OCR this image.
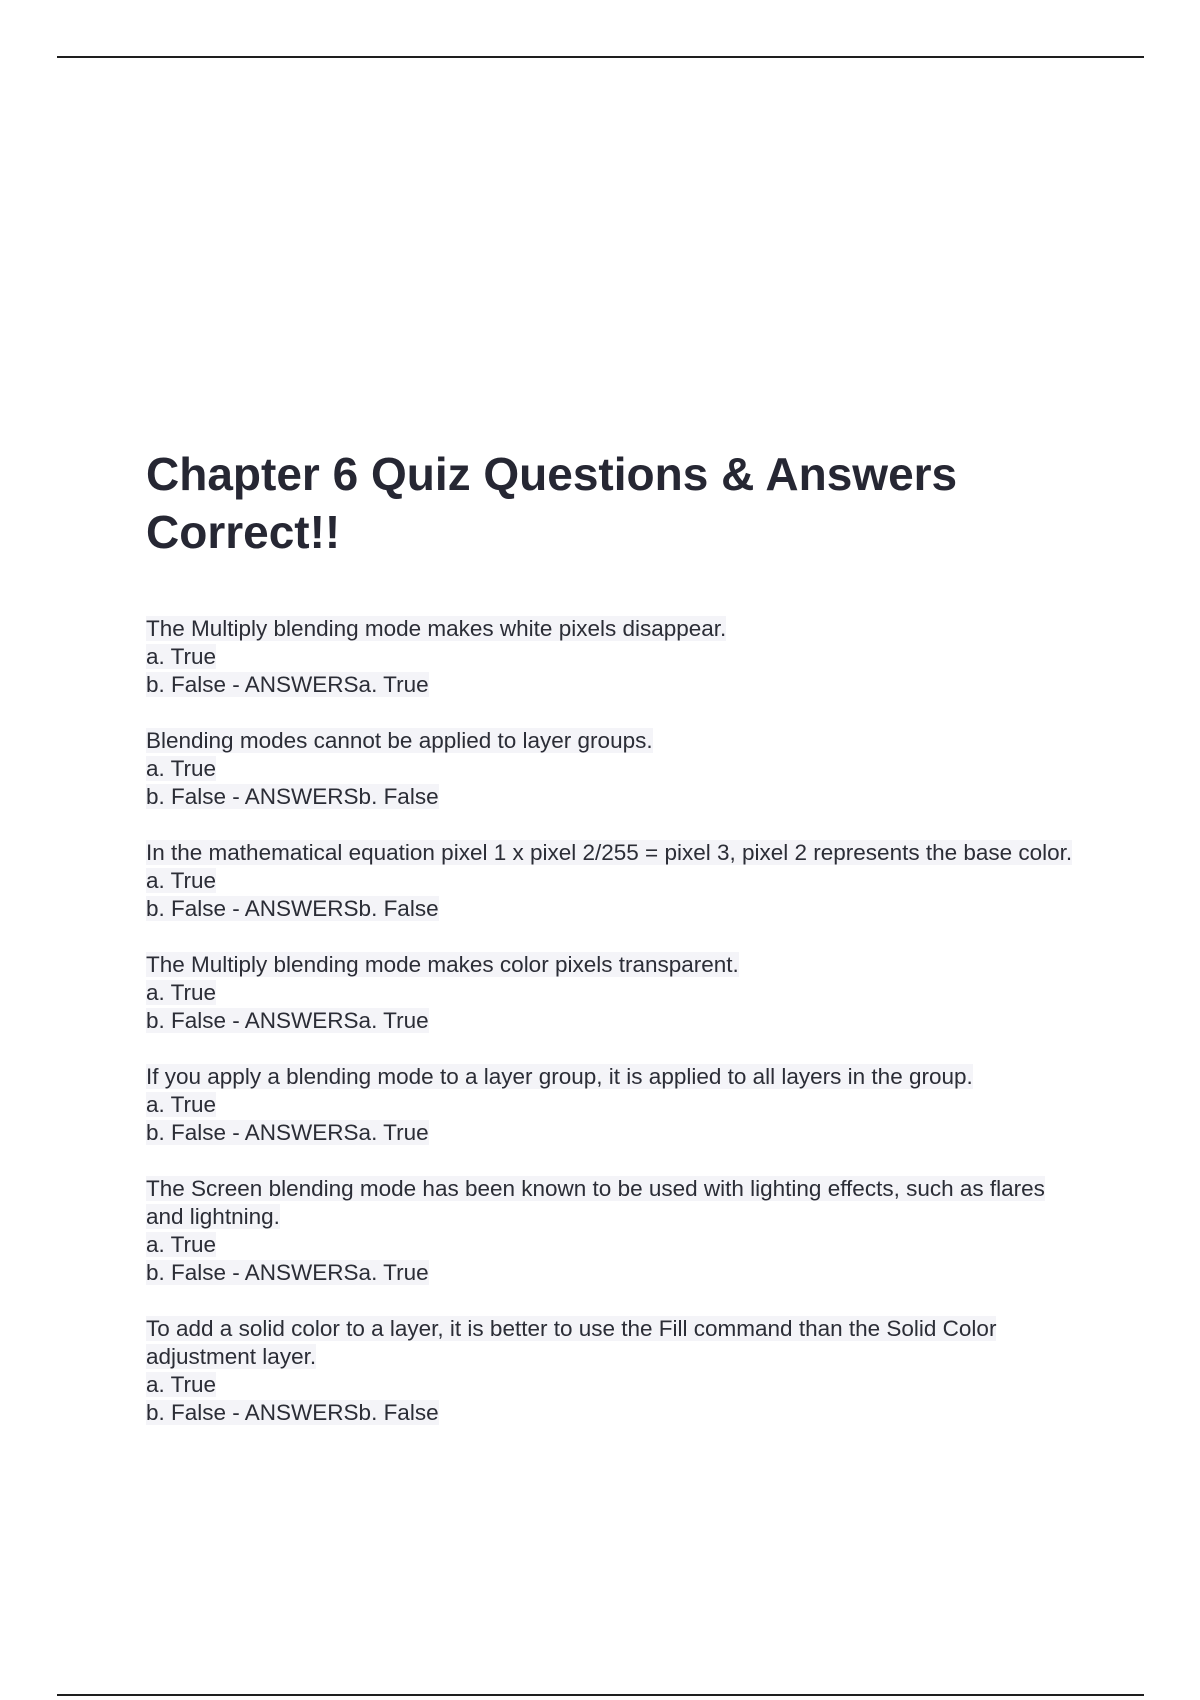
Chapter 6 Quiz Questions & Answers Correct!!
The Multiply blending mode makes white pixels disappear.
a. True
b. False - ANSWERSa. True
Blending modes cannot be applied to layer groups.
a. True
b. False - ANSWERSb. False
In the mathematical equation pixel 1 x pixel 2/255 = pixel 3, pixel 2 represents the base color.
a. True
b. False - ANSWERSb. False
The Multiply blending mode makes color pixels transparent.
a. True
b. False - ANSWERSa. True
If you apply a blending mode to a layer group, it is applied to all layers in the group.
a. True
b. False - ANSWERSa. True
The Screen blending mode has been known to be used with lighting effects, such as flares and lightning.
a. True
b. False - ANSWERSa. True
To add a solid color to a layer, it is better to use the Fill command than the Solid Color adjustment layer.
a. True
b. False - ANSWERSb. False
